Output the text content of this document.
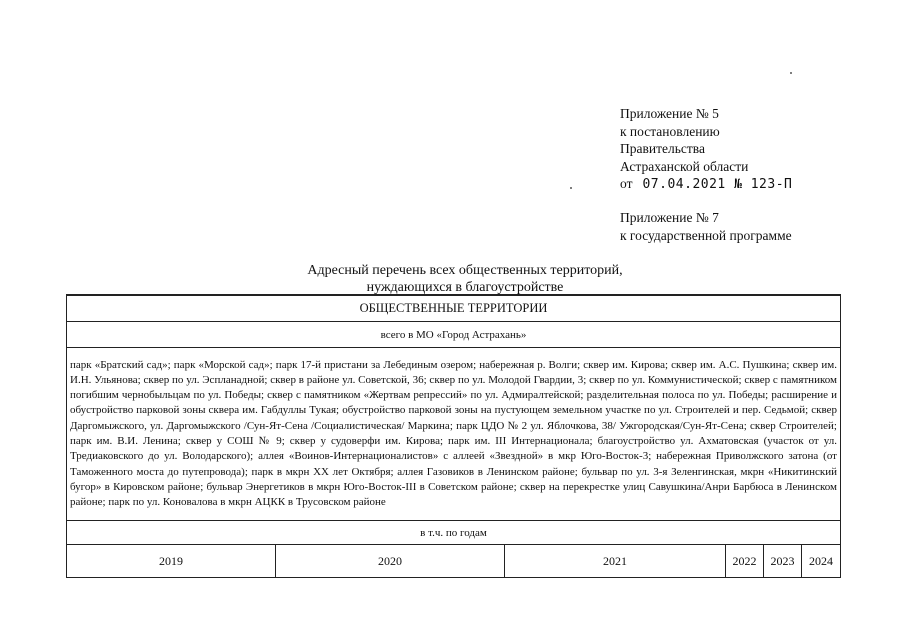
Приложение № 5
к постановлению
Правительства
Астраханской области
от 07.04.2021 № 123-П
Приложение № 7
к государственной программе
Адресный перечень всех общественных территорий,
нуждающихся в благоустройстве

ОБЩЕСТВЕННЫЕ ТЕРРИТОРИИ					
всего в МО «Город Астрахань»					
парк «Братский сад»; парк «Морской сад»; парк 17-й пристани за Лебединым озером; набережная р. Волги; сквер им. Кирова; сквер им. А.С. Пушкина; сквер им. И.Н. Ульянова; сквер по ул. Эспланадной; сквер в районе ул. Советской, 36; сквер по ул. Молодой Гвардии, 3; сквер по ул. Коммунистической; сквер с памятником погибшим чернобыльцам по ул. Победы; сквер с памятником «Жертвам репрессий» по ул. Адмиралтейской; разделительная полоса по ул. Победы; расширение и обустройство парковой зоны сквера им. Габдуллы Тукая; обустройство парковой зоны на пустующем земельном участке по ул. Строителей и пер. Седьмой; сквер Даргомыжского, ул. Даргомыжского /Сун-Ят-Сена /Социалистическая/ Маркина; парк ЦДО № 2 ул. Яблочкова, 38/ Ужгородская/Сун-Ят-Сена; сквер Строителей; парк им. В.И. Ленина; сквер у СОШ № 9; сквер у судоверфи им. Кирова; парк им. III Интернационала; благоустройство ул. Ахматовская (участок от ул. Тредиаковского до ул. Володарского); аллея «Воинов-Интернационалистов» с аллеей «Звездной» в мкр Юго-Восток-3; набережная Приволжского затона (от Таможенного моста до путепровода); парк в мкрн XX лет Октября; аллея Газовиков в Ленинском районе; бульвар по ул. 3-я Зеленгинская, мкрн «Никитинский бугор» в Кировском районе; бульвар Энергетиков в мкрн Юго-Восток-III в Советском районе; сквер на перекрестке улиц Савушкина/Анри Барбюса в Ленинском районе; парк по ул. Коновалова в мкрн АЦКК в Трусовском районе					
в т.ч. по годам					
2019	2020	2021	2022	2023	2024
